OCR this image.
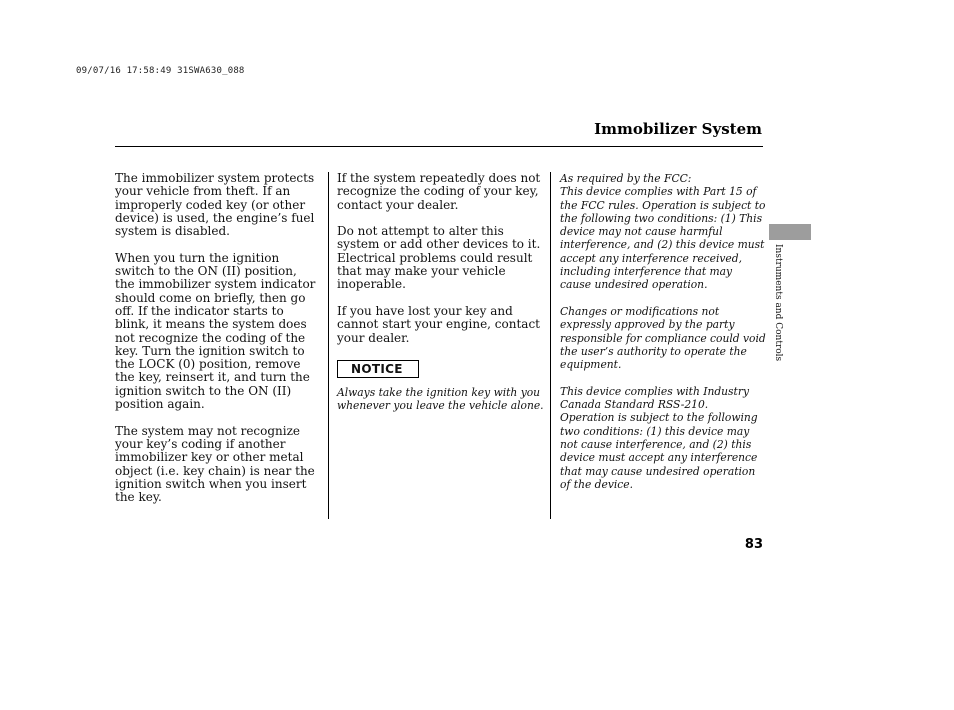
09/07/16 17:58:49 31SWA630_088
Immobilizer System

The immobilizer system protects your vehicle from theft. If an improperly coded key (or other device) is used, the engine’s fuel system is disabled.

When you turn the ignition switch to the ON (II) position, the immobilizer system indicator should come on briefly, then go off. If the indicator starts to blink, it means the system does not recognize the coding of the key. Turn the ignition switch to the LOCK (0) position, remove the key, reinsert it, and turn the ignition switch to the ON (II) position again.

The system may not recognize your key’s coding if another immobilizer key or other metal object (i.e. key chain) is near the ignition switch when you insert the key.

If the system repeatedly does not recognize the coding of your key, contact your dealer.

Do not attempt to alter this system or add other devices to it. Electrical problems could result that may make your vehicle inoperable.

If you have lost your key and cannot start your engine, contact your dealer.

NOTICE

Always take the ignition key with you whenever you leave the vehicle alone.

As required by the FCC:
This device complies with Part 15 of the FCC rules. Operation is subject to the following two conditions: (1) This device may not cause harmful interference, and (2) this device must accept any interference received, including interference that may cause undesired operation.
Changes or modifications not expressly approved by the party responsible for compliance could void the user’s authority to operate the equipment.
This device complies with Industry
Canada Standard RSS-210.
Operation is subject to the following two conditions: (1) this device may not cause interference, and (2) this device must accept any interference that may cause undesired operation of the device.
Instruments and Controls
83
